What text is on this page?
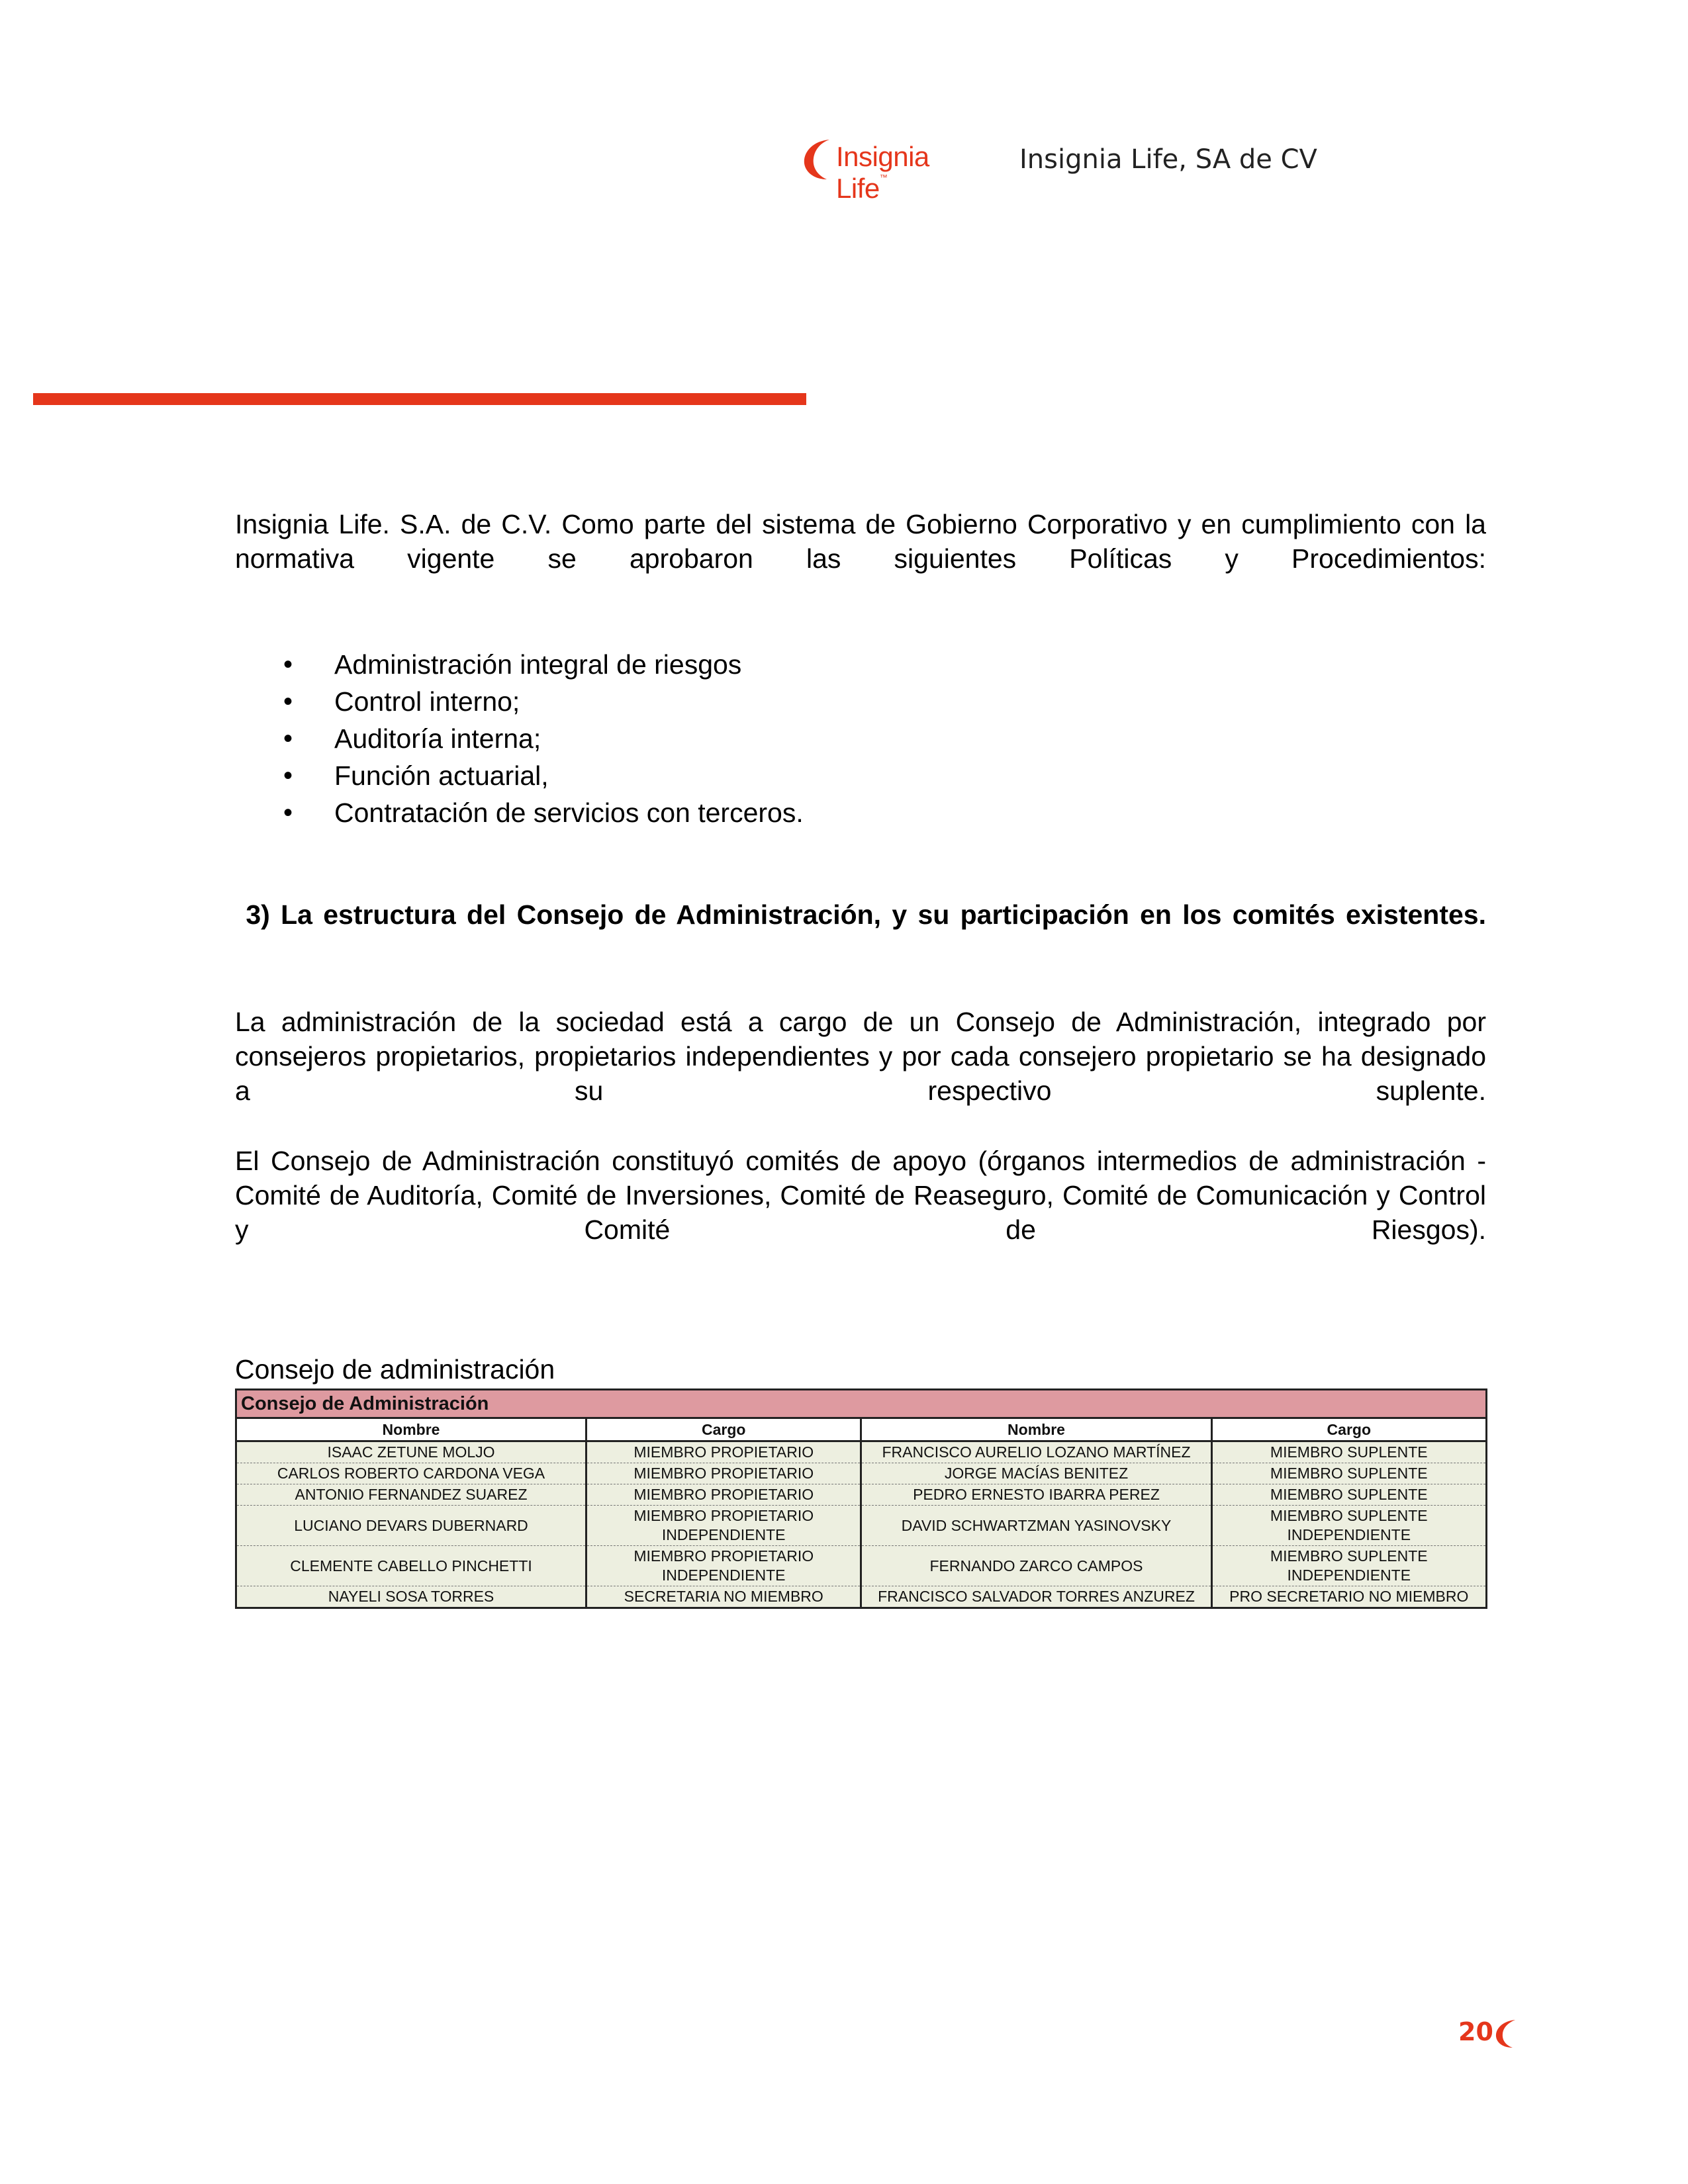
Insignia Life™
Insignia Life, SA de CV
Insignia Life. S.A. de C.V. Como parte del sistema de Gobierno Corporativo y en cumplimiento con la normativa vigente se aprobaron las siguientes Políticas y Procedimientos:
• Administración integral de riesgos
• Control interno;
• Auditoría interna;
• Función actuarial,
• Contratación de servicios con terceros.
3) La estructura del Consejo de Administración, y su participación en los comités existentes.
La administración de la sociedad está a cargo de un Consejo de Administración, integrado por consejeros propietarios, propietarios independientes y por cada consejero propietario se ha designado a su respectivo suplente.
El Consejo de Administración constituyó comités de apoyo (órganos intermedios de administración - Comité de Auditoría, Comité de Inversiones, Comité de Reaseguro, Comité de Comunicación y Control y Comité de Riesgos).
Consejo de administración
Consejo de Administración			
Nombre	Cargo	Nombre	Cargo
ISAAC ZETUNE MOLJO	MIEMBRO PROPIETARIO	FRANCISCO AURELIO LOZANO MARTÍNEZ	MIEMBRO SUPLENTE
CARLOS ROBERTO CARDONA VEGA	MIEMBRO PROPIETARIO	JORGE MACÍAS BENITEZ	MIEMBRO SUPLENTE
ANTONIO FERNANDEZ SUAREZ	MIEMBRO PROPIETARIO	PEDRO ERNESTO IBARRA PEREZ	MIEMBRO SUPLENTE
LUCIANO DEVARS DUBERNARD	MIEMBRO PROPIETARIO INDEPENDIENTE	DAVID SCHWARTZMAN YASINOVSKY	MIEMBRO SUPLENTE INDEPENDIENTE
CLEMENTE CABELLO PINCHETTI	MIEMBRO PROPIETARIO INDEPENDIENTE	FERNANDO ZARCO CAMPOS	MIEMBRO SUPLENTE INDEPENDIENTE
NAYELI SOSA TORRES	SECRETARIA NO MIEMBRO	FRANCISCO SALVADOR TORRES ANZUREZ	PRO SECRETARIO NO MIEMBRO
20
